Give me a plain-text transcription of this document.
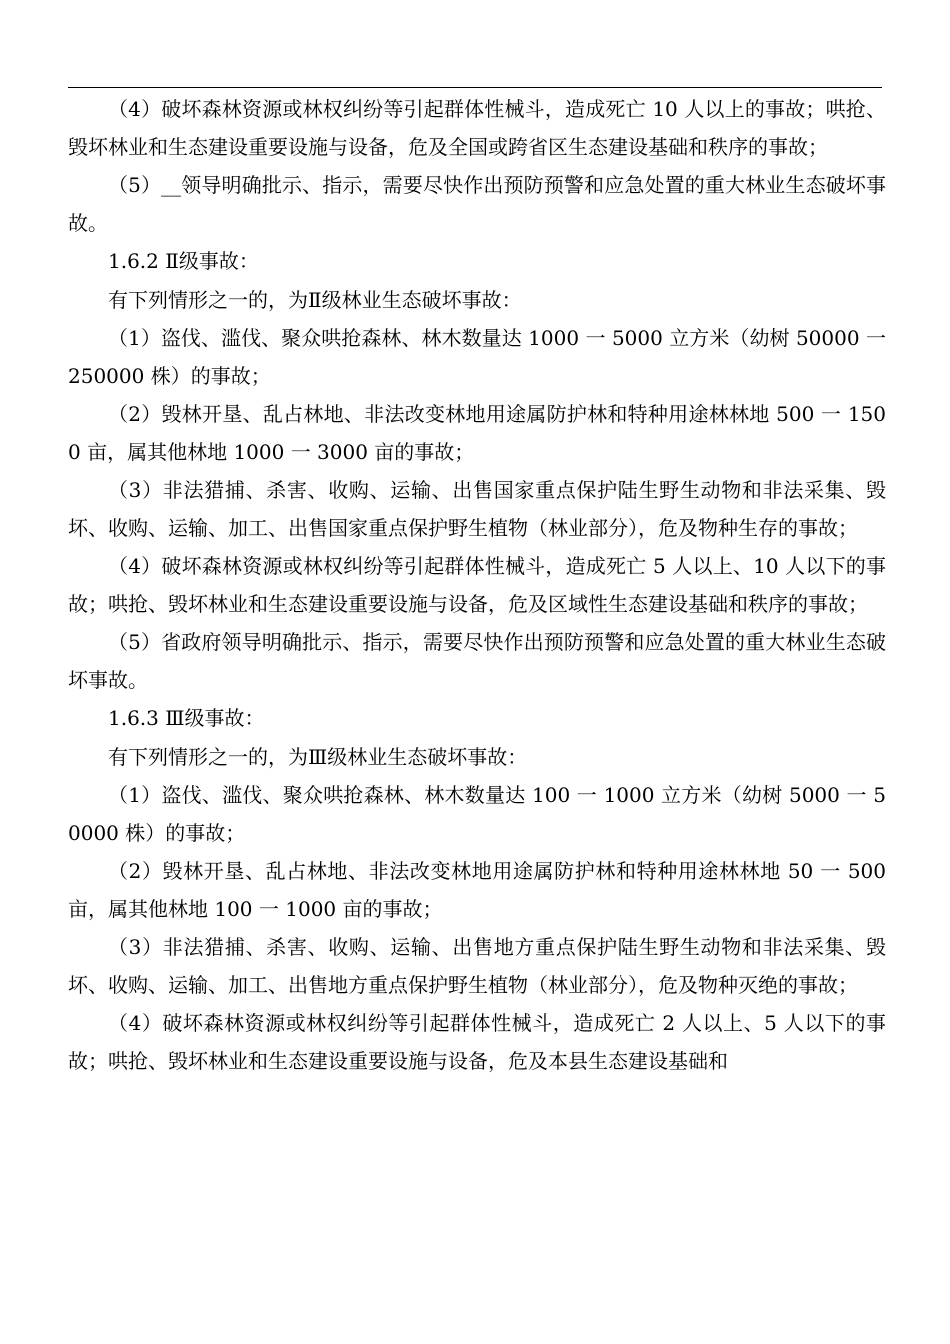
（4）破坏森林资源或林权纠纷等引起群体性械斗，造成死亡 10 人以上的事故；哄抢、毁坏林业和生态建设重要设施与设备，危及全国或跨省区生态建设基础和秩序的事故；

（5）__领导明确批示、指示，需要尽快作出预防预警和应急处置的重大林业生态破坏事故。

1.6.2 Ⅱ级事故：

有下列情形之一的，为Ⅱ级林业生态破坏事故：

（1）盗伐、滥伐、聚众哄抢森林、林木数量达 1000 一 5000 立方米（幼树 50000 一 250000 株）的事故；

（2）毁林开垦、乱占林地、非法改变林地用途属防护林和特种用途林林地 500 一 1500 亩，属其他林地 1000 一 3000 亩的事故；

（3）非法猎捕、杀害、收购、运输、出售国家重点保护陆生野生动物和非法采集、毁坏、收购、运输、加工、出售国家重点保护野生植物（林业部分），危及物种生存的事故；

（4）破坏森林资源或林权纠纷等引起群体性械斗，造成死亡 5 人以上、10 人以下的事故；哄抢、毁坏林业和生态建设重要设施与设备，危及区域性生态建设基础和秩序的事故；

（5）省政府领导明确批示、指示，需要尽快作出预防预警和应急处置的重大林业生态破坏事故。

1.6.3 Ⅲ级事故：

有下列情形之一的，为Ⅲ级林业生态破坏事故：

（1）盗伐、滥伐、聚众哄抢森林、林木数量达 100 一 1000 立方米（幼树 5000 一 50000 株）的事故；

（2）毁林开垦、乱占林地、非法改变林地用途属防护林和特种用途林林地 50 一 500 亩，属其他林地 100 一 1000 亩的事故；

（3）非法猎捕、杀害、收购、运输、出售地方重点保护陆生野生动物和非法采集、毁坏、收购、运输、加工、出售地方重点保护野生植物（林业部分），危及物种灭绝的事故；

（4）破坏森林资源或林权纠纷等引起群体性械斗，造成死亡 2 人以上、5 人以下的事故；哄抢、毁坏林业和生态建设重要设施与设备，危及本县生态建设基础和
